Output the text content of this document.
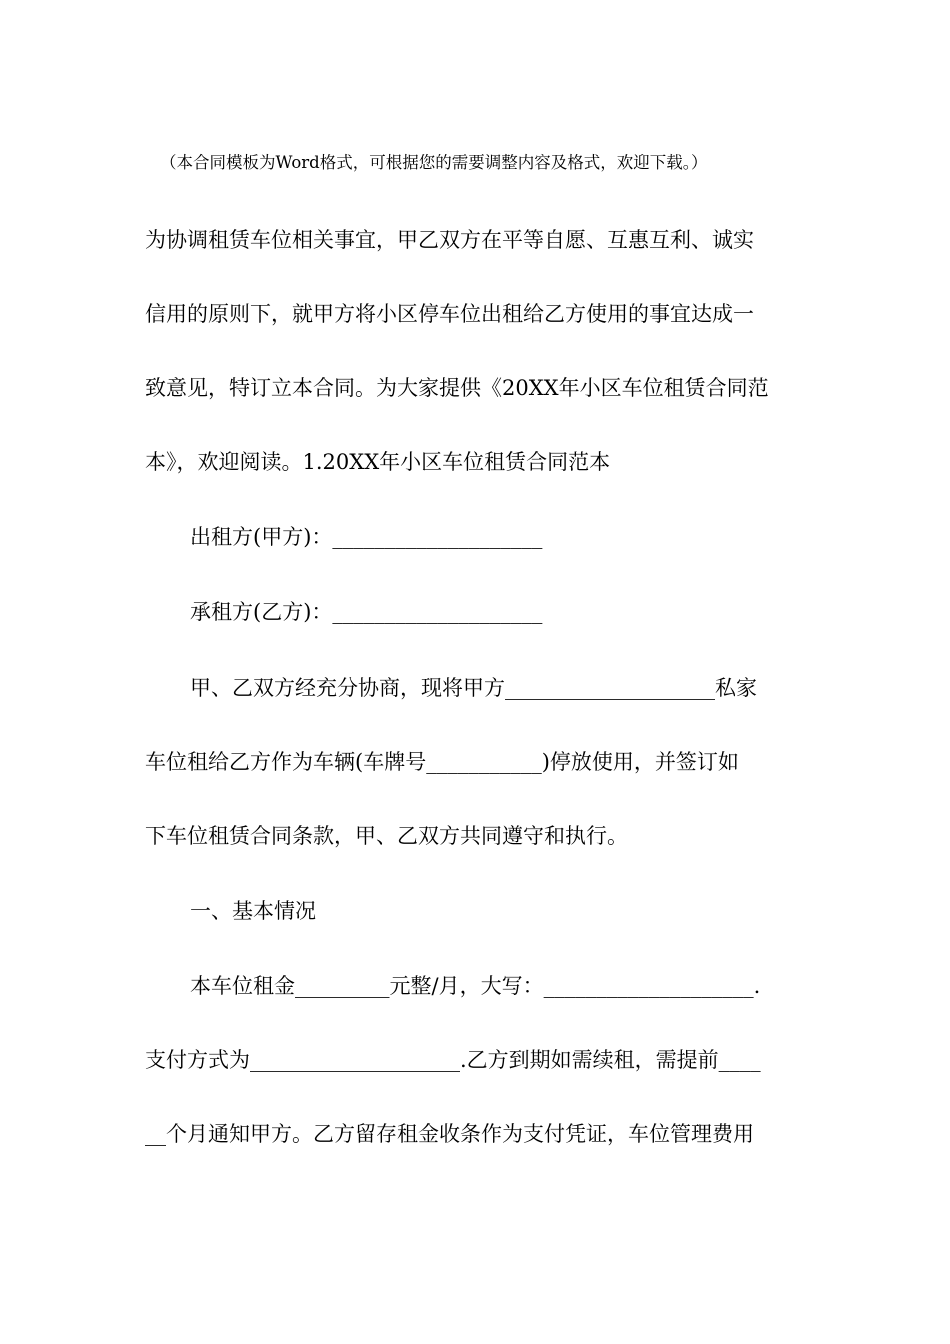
（本合同模板为Word格式，可根据您的需要调整内容及格式，欢迎下载。）
为协调租赁车位相关事宜，甲乙双方在平等自愿、互惠互利、诚实
信用的原则下，就甲方将小区停车位出租给乙方使用的事宜达成一
致意见，特订立本合同。为大家提供《20XX年小区车位租赁合同范
本》，欢迎阅读。1.20XX年小区车位租赁合同范本
出租方(甲方)：____________________
承租方(乙方)：____________________
甲、乙双方经充分协商，现将甲方____________________私家
车位租给乙方作为车辆(车牌号___________)停放使用，并签订如
下车位租赁合同条款，甲、乙双方共同遵守和执行。
一、基本情况
本车位租金_________元整/月，大写：____________________.
支付方式为____________________.乙方到期如需续租，需提前____
__个月通知甲方。乙方留存租金收条作为支付凭证，车位管理费用
